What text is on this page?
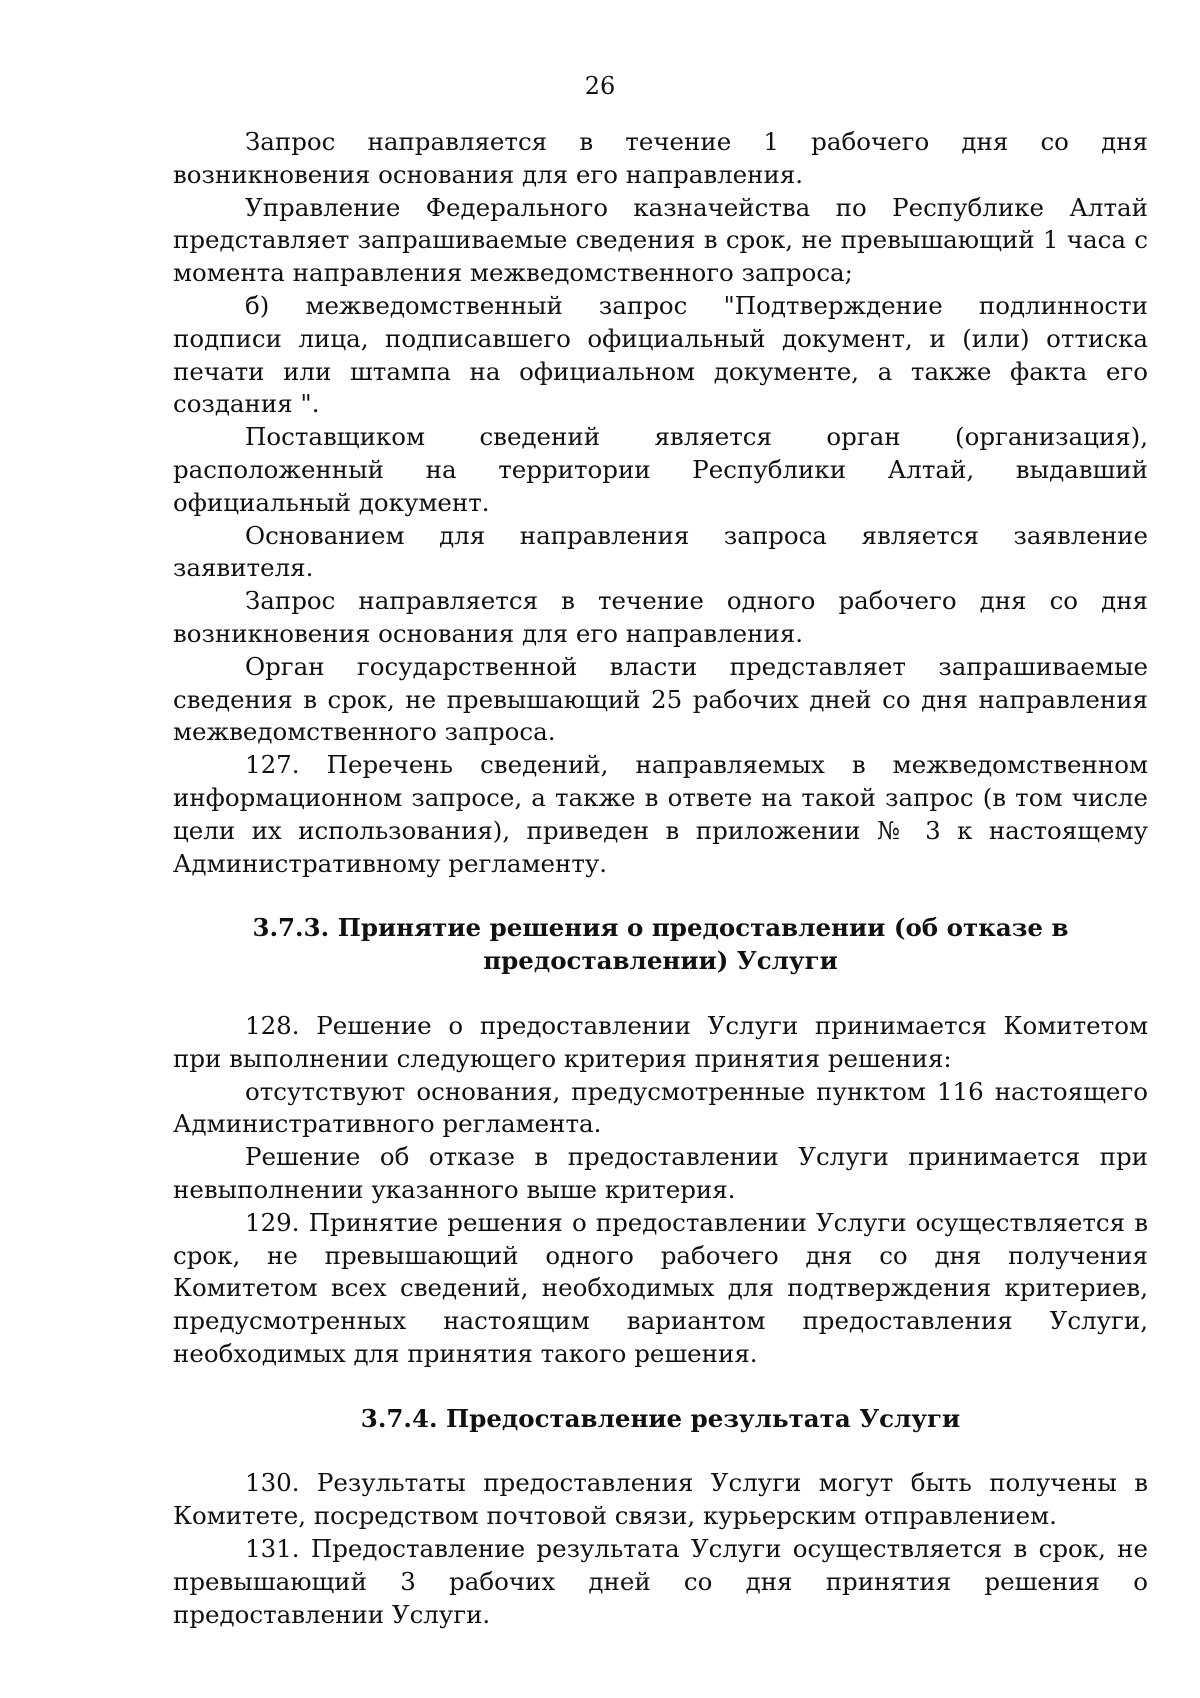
26

Запрос направляется в течение 1 рабочего дня со дня возникновения основания для его направления.

Управление Федерального казначейства по Республике Алтай представляет запрашиваемые сведения в срок, не превышающий 1 часа с момента направления межведомственного запроса;

б) межведомственный запрос "Подтверждение подлинности подписи лица, подписавшего официальный документ, и (или) оттиска печати или штампа на официальном документе, а также факта его создания ".

Поставщиком сведений является орган (организация), расположенный на территории Республики Алтай, выдавший официальный документ.

Основанием для направления запроса является заявление заявителя.

Запрос направляется в течение одного рабочего дня со дня возникновения основания для его направления.

Орган государственной власти представляет запрашиваемые сведения в срок, не превышающий 25 рабочих дней со дня направления межведомственного запроса.

127. Перечень сведений, направляемых в межведомственном информационном запросе, а также в ответе на такой запрос (в том числе цели их использования), приведен в приложении № 3 к настоящему Административному регламенту.

3.7.3. Принятие решения о предоставлении (об отказе в предоставлении) Услуги

128. Решение о предоставлении Услуги принимается Комитетом при выполнении следующего критерия принятия решения:

отсутствуют основания, предусмотренные пунктом 116 настоящего Административного регламента.

Решение об отказе в предоставлении Услуги принимается при невыполнении указанного выше критерия.

129. Принятие решения о предоставлении Услуги осуществляется в срок, не превышающий одного рабочего дня со дня получения Комитетом всех сведений, необходимых для подтверждения критериев, предусмотренных настоящим вариантом предоставления Услуги, необходимых для принятия такого решения.

3.7.4. Предоставление результата Услуги

130. Результаты предоставления Услуги могут быть получены в Комитете, посредством почтовой связи, курьерским отправлением.

131. Предоставление результата Услуги осуществляется в срок, не превышающий 3 рабочих дней со дня принятия решения о предоставлении Услуги.
